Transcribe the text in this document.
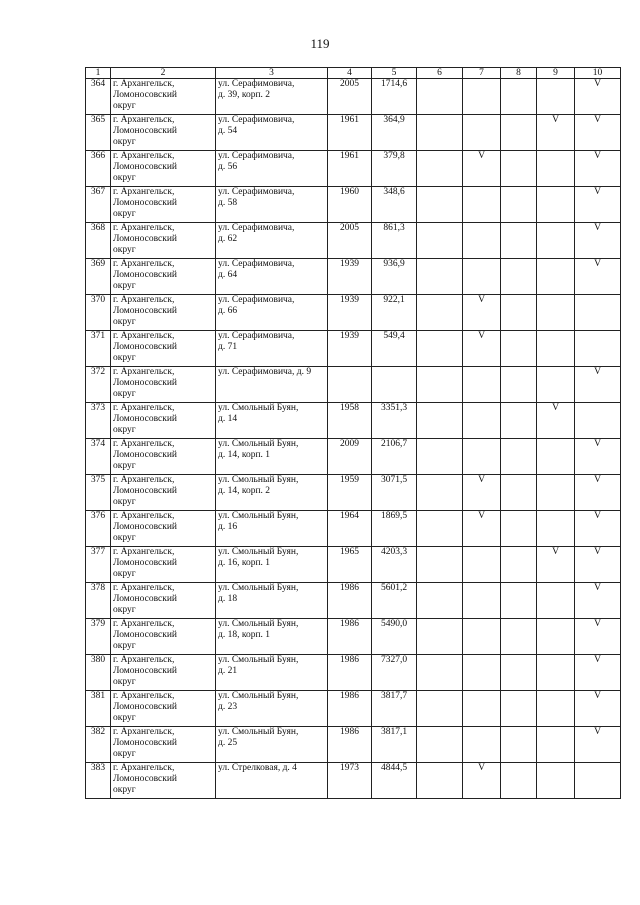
119
1	2	3	4	5	6	7	8	9	10
364	г. Архангельск,
Ломоносовский
округ	ул. Серафимовича,
д. 39, корп. 2	2005	1714,6					V
365	г. Архангельск,
Ломоносовский
округ	ул. Серафимовича,
д. 54	1961	364,9				V	V
366	г. Архангельск,
Ломоносовский
округ	ул. Серафимовича,
д. 56	1961	379,8		V			V
367	г. Архангельск,
Ломоносовский
округ	ул. Серафимовича,
д. 58	1960	348,6					V
368	г. Архангельск,
Ломоносовский
округ	ул. Серафимовича,
д. 62	2005	861,3					V
369	г. Архангельск,
Ломоносовский
округ	ул. Серафимовича,
д. 64	1939	936,9					V
370	г. Архангельск,
Ломоносовский
округ	ул. Серафимовича,
д. 66	1939	922,1		V			
371	г. Архангельск,
Ломоносовский
округ	ул. Серафимовича,
д. 71	1939	549,4		V			
372	г. Архангельск,
Ломоносовский
округ	ул. Серафимовича, д. 9							V
373	г. Архангельск,
Ломоносовский
округ	ул. Смольный Буян,
д. 14	1958	3351,3				V	
374	г. Архангельск,
Ломоносовский
округ	ул. Смольный Буян,
д. 14, корп. 1	2009	2106,7					V
375	г. Архангельск,
Ломоносовский
округ	ул. Смольный Буян,
д. 14, корп. 2	1959	3071,5		V			V
376	г. Архангельск,
Ломоносовский
округ	ул. Смольный Буян,
д. 16	1964	1869,5		V			V
377	г. Архангельск,
Ломоносовский
округ	ул. Смольный Буян,
д. 16, корп. 1	1965	4203,3				V	V
378	г. Архангельск,
Ломоносовский
округ	ул. Смольный Буян,
д. 18	1986	5601,2					V
379	г. Архангельск,
Ломоносовский
округ	ул. Смольный Буян,
д. 18, корп. 1	1986	5490,0					V
380	г. Архангельск,
Ломоносовский
округ	ул. Смольный Буян,
д. 21	1986	7327,0					V
381	г. Архангельск,
Ломоносовский
округ	ул. Смольный Буян,
д. 23	1986	3817,7					V
382	г. Архангельск,
Ломоносовский
округ	ул. Смольный Буян,
д. 25	1986	3817,1					V
383	г. Архангельск,
Ломоносовский
округ	ул. Стрелковая, д. 4	1973	4844,5		V			
